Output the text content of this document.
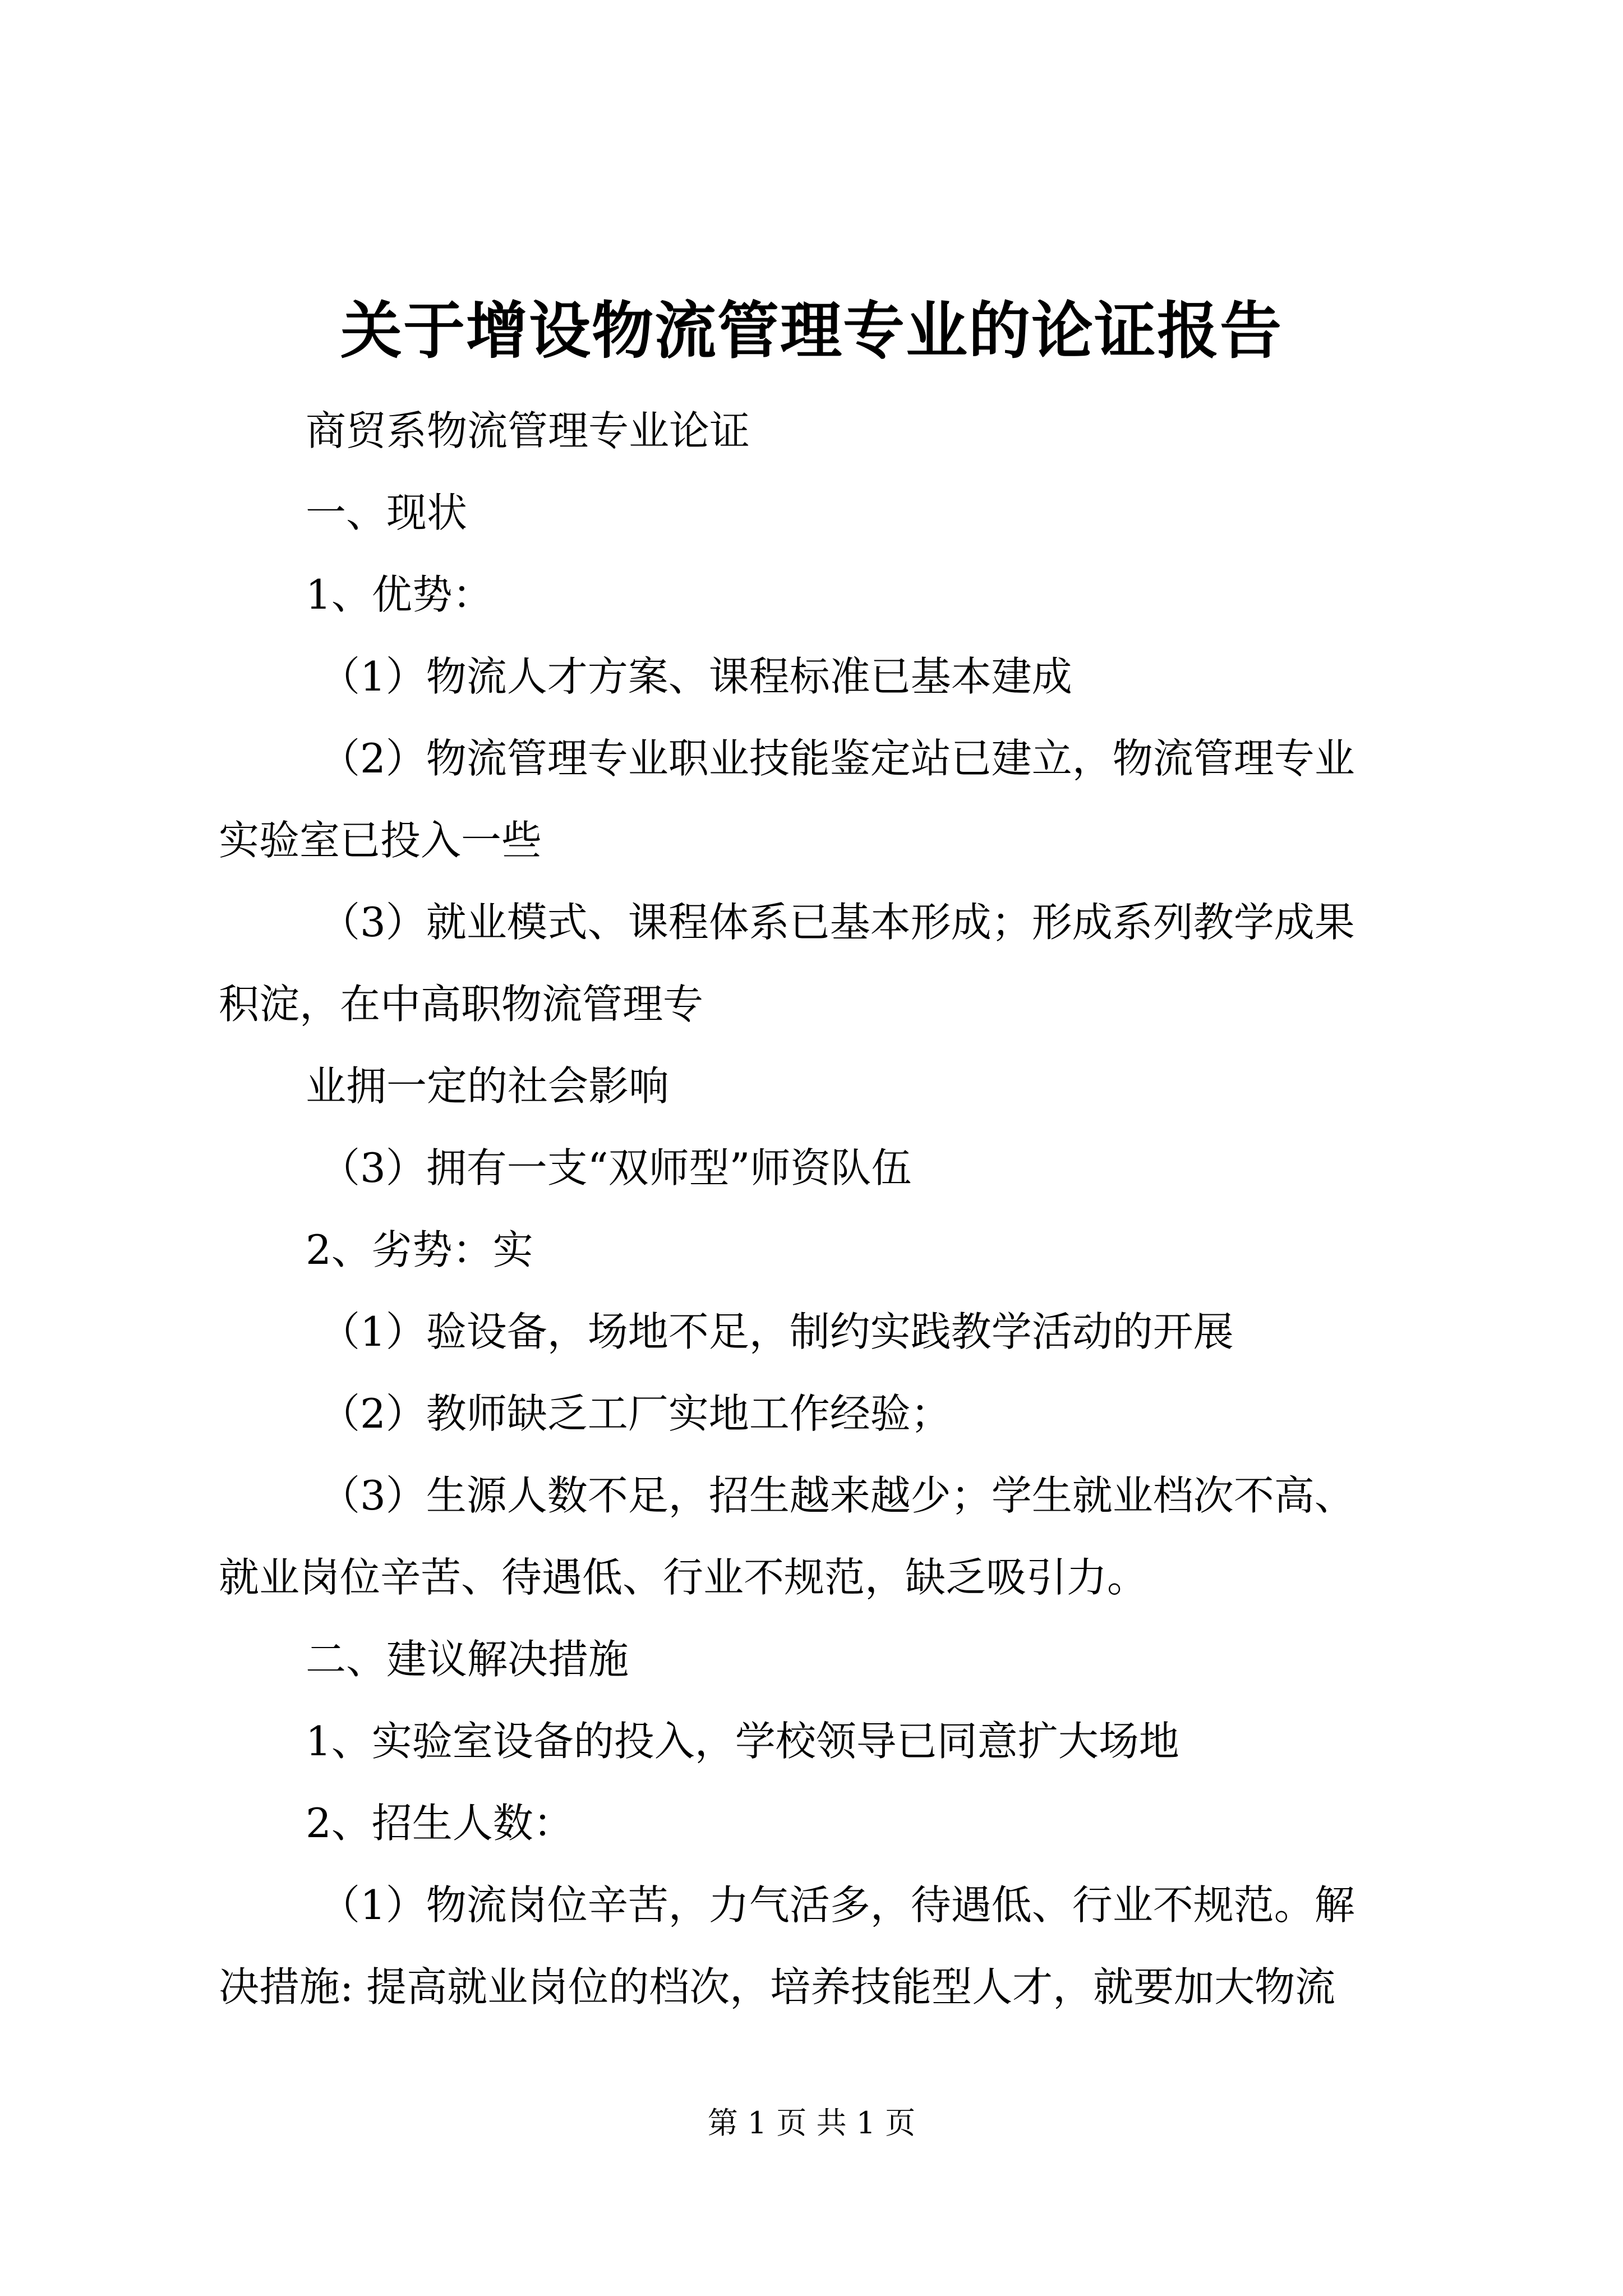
关于增设物流管理专业的论证报告

商贸系物流管理专业论证

一、现状

1、优势：

（1）物流人才方案、课程标准已基本建成

（2）物流管理专业职业技能鉴定站已建立，物流管理专业

实验室已投入一些

（3）就业模式、课程体系已基本形成；形成系列教学成果

积淀，在中高职物流管理专

业拥一定的社会影响

（3）拥有一支“双师型”师资队伍

2、劣势：实

（1）验设备，场地不足，制约实践教学活动的开展

（2）教师缺乏工厂实地工作经验；

（3）生源人数不足，招生越来越少；学生就业档次不高、

就业岗位辛苦、待遇低、行业不规范，缺乏吸引力。

二、建议解决措施

1、实验室设备的投入，学校领导已同意扩大场地

2、招生人数：

（1）物流岗位辛苦，力气活多，待遇低、行业不规范。解

决措施: 提高就业岗位的档次，培养技能型人才，就要加大物流

第 1 页 共 1 页
